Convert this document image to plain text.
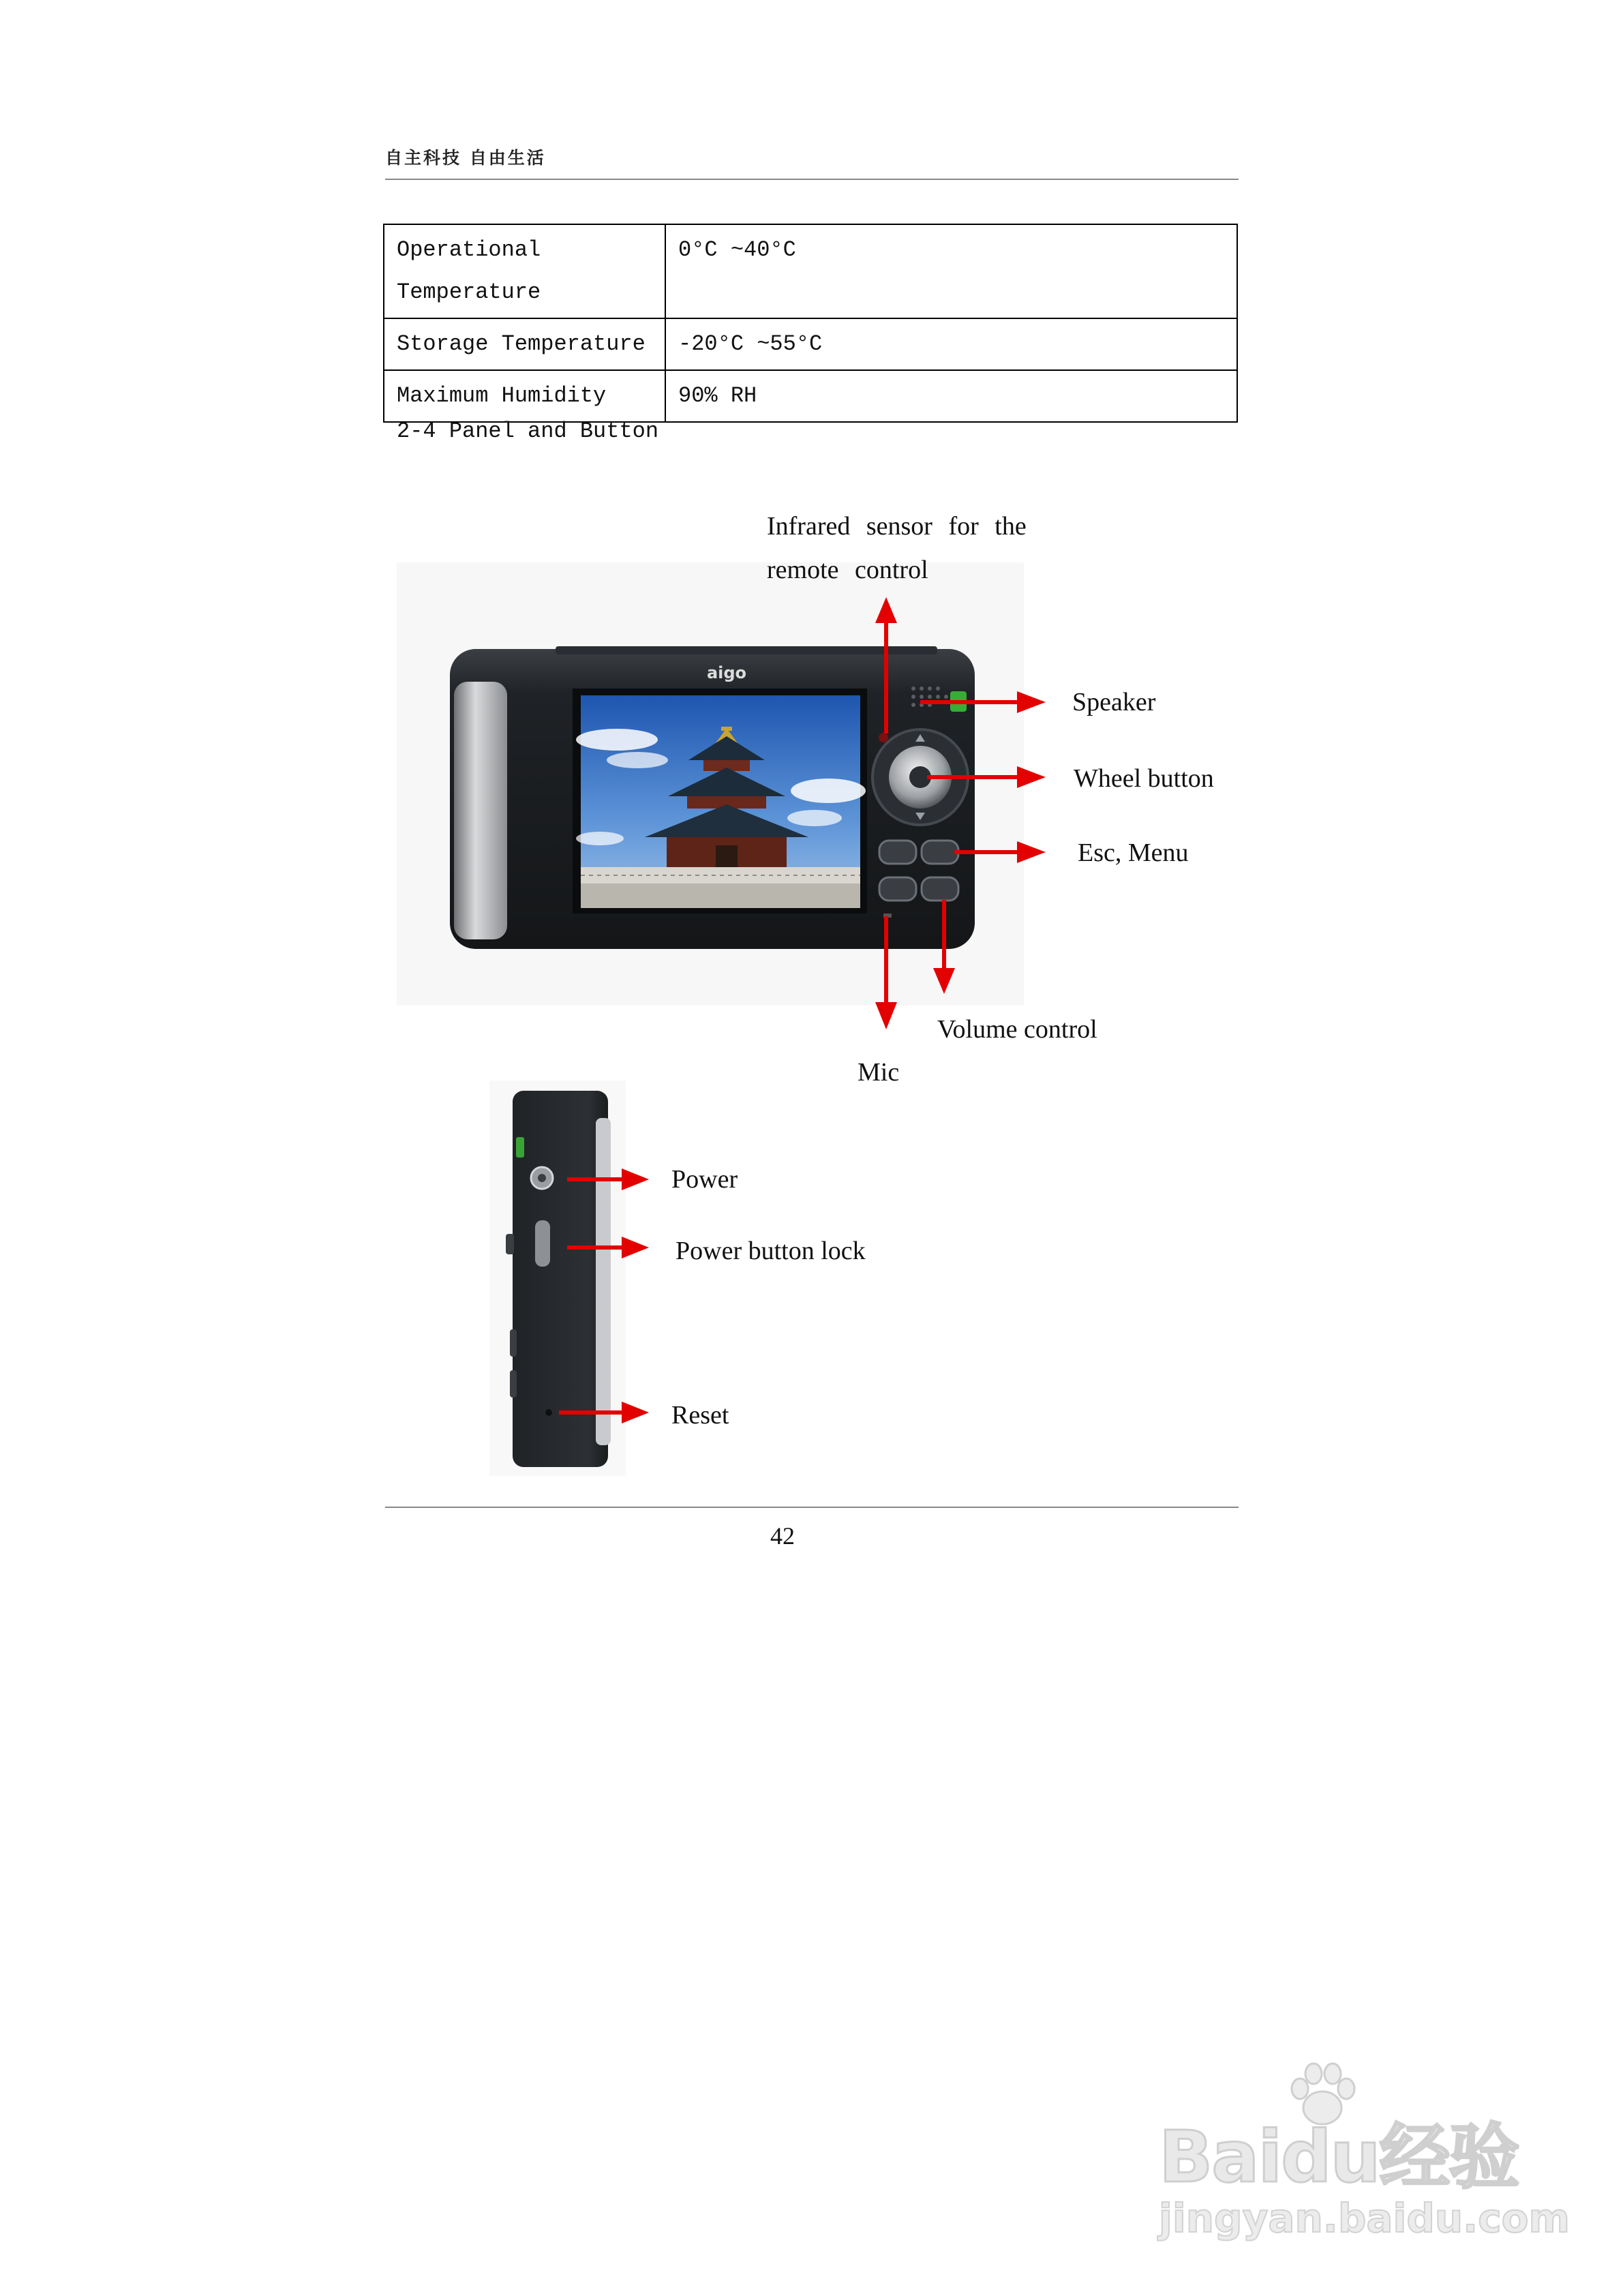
自主科技 自由生活
Operational Temperature	0°C ~40°C
Storage Temperature	-20°C ~55°C
Maximum Humidity	90% RH
2-4 Panel and Button
aigo
Infrared sensor for the remote control
Speaker
Wheel button
Esc, Menu
Volume control
Mic
Power
Power button lock
Reset
42
Baidu经验
jingyan.baidu.com
